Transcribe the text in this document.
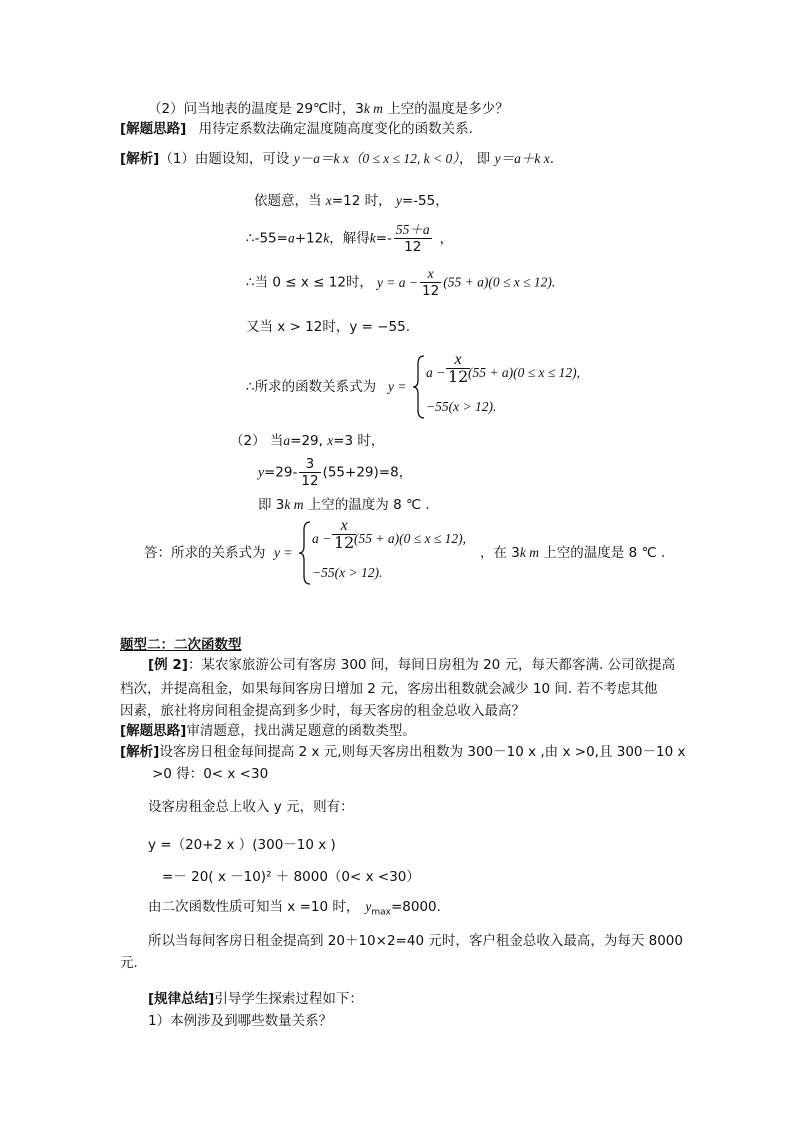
（2）问当地表的温度是 29℃时，3k m 上空的温度是多少？
[解题思路] 用待定系数法确定温度随高度变化的函数关系.
[解析]（1）由题设知，可设 y－a＝k x（0 ≤ x ≤ 12, k < 0）， 即 y＝a＋k x.
依题意，当 x=12 时， y=-55，
∴-55=a+12k，解得$k=- \frac{55+a}{12}$ ，
∴当 0 ≤ x ≤ 12时， $y = a - \frac{x}{12} (55 + a)(0 \le x \le 12)$.
又当 x > 12时，y = −55.
∴所求的函数关系式为 y =
$a - \frac{x}{12}$
(55 + a)(0 ≤ x ≤ 12),
−55(x > 12).
（2） 当a=29, x=3 时，
$y=29- \frac{3}{12} (55+29)=8$，
即 3k m 上空的温度为 8 ℃ .
答：所求的关系式为 y =
$a - \frac{x}{12}$
(55 + a)(0 ≤ x ≤ 12),
−55(x > 12).
，在 3k m 上空的温度是 8 ℃ .
题型二：二次函数型
[例 2]：某农家旅游公司有客房 300 间，每间日房租为 20 元，每天都客满. 公司欲提高
档次，并提高租金，如果每间客房日增加 2 元，客房出租数就会减少 10 间. 若不考虑其他
因素，旅社将房间租金提高到多少时，每天客房的租金总收入最高？
[解题思路]审清题意，找出满足题意的函数类型。
[解析]设客房日租金每间提高 2 x 元,则每天客房出租数为 300－10 x ,由 x >0,且 300－10 x
>0 得：0< x <30
设客房租金总上收入 y 元，则有：
y =（20+2 x ）(300－10 x )
=－ 20( x －10)² ＋ 8000（0< x <30）
由二次函数性质可知当 x =10 时， $y_{max}=8000$.
所以当每间客房日租金提高到 20＋10×2=40 元时，客户租金总收入最高，为每天 8000
元.
[规律总结]引导学生探索过程如下：
1）本例涉及到哪些数量关系？
